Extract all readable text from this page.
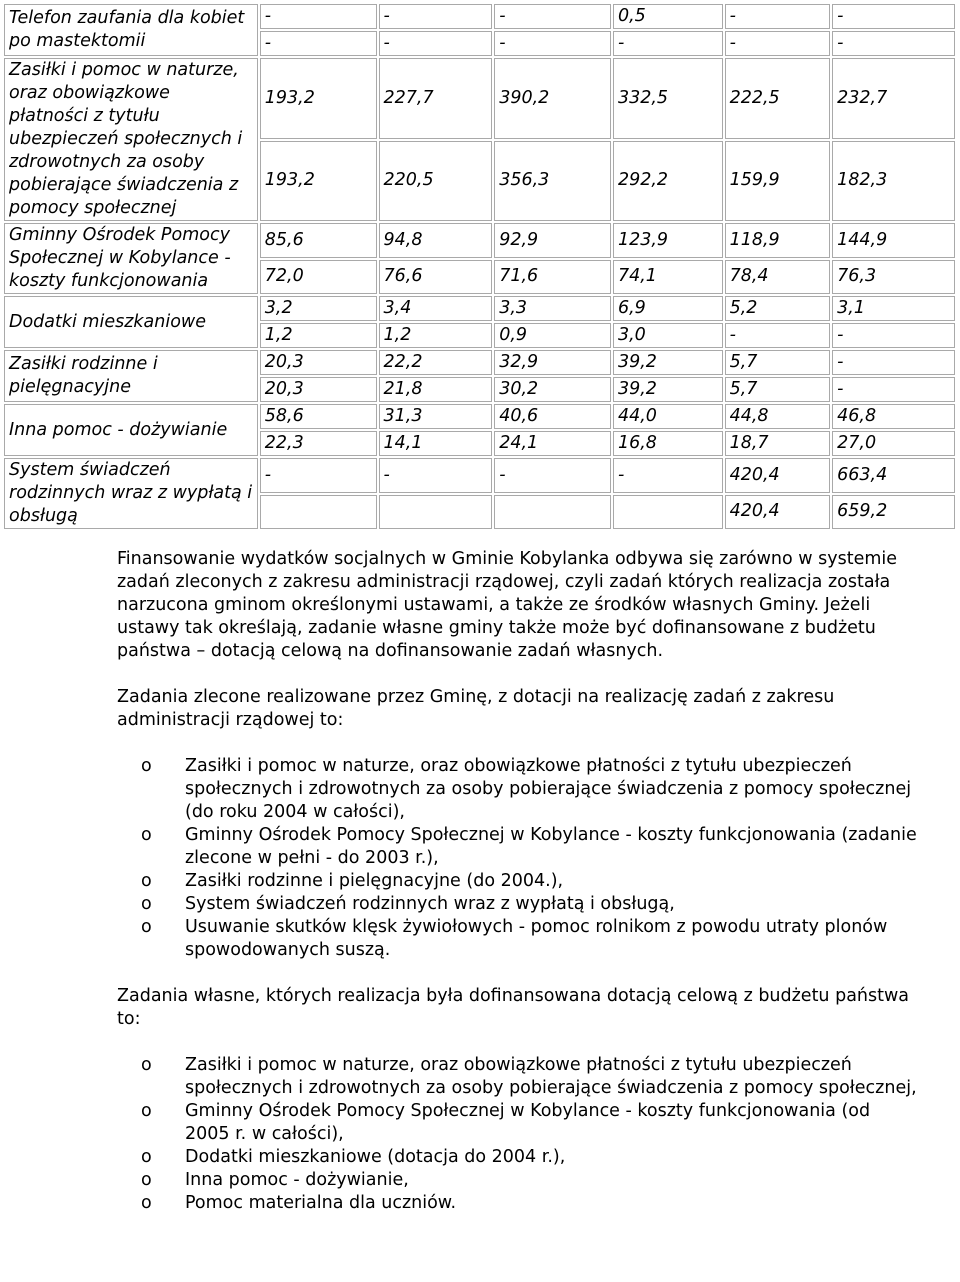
Telefon zaufania dla kobiet po mastektomii	-	-	-	0,5	-	-
	-	-	-	-	-	-
Zasiłki i pomoc w naturze, oraz obowiązkowe płatności z tytułu ubezpieczeń społecznych i zdrowotnych za osoby pobierające świadczenia z pomocy społecznej	193,2	227,7	390,2	332,5	222,5	232,7
	193,2	220,5	356,3	292,2	159,9	182,3
Gminny Ośrodek Pomocy Społecznej w Kobylance - koszty funkcjonowania	85,6	94,8	92,9	123,9	118,9	144,9
	72,0	76,6	71,6	74,1	78,4	76,3
Dodatki mieszkaniowe	3,2	3,4	3,3	6,9	5,2	3,1
	1,2	1,2	0,9	3,0	-	-
Zasiłki rodzinne i pielęgnacyjne	20,3	22,2	32,9	39,2	5,7	-
	20,3	21,8	30,2	39,2	5,7	-
Inna pomoc - dożywianie	58,6	31,3	40,6	44,0	44,8	46,8
	22,3	14,1	24,1	16,8	18,7	27,0
System świadczeń rodzinnych wraz z wypłatą i obsługą	-	-	-	-	420,4	663,4
					420,4	659,2

Finansowanie wydatków socjalnych w Gminie Kobylanka odbywa się zarówno w systemie zadań zleconych z zakresu administracji rządowej, czyli zadań których realizacja została narzucona gminom określonymi ustawami, a także ze środków własnych Gminy. Jeżeli ustawy tak określają, zadanie własne gminy także może być dofinansowane z budżetu państwa – dotacją celową na dofinansowanie zadań własnych.

Zadania zlecone realizowane przez Gminę, z dotacji na realizację zadań z zakresu administracji rządowej to:

o Zasiłki i pomoc w naturze, oraz obowiązkowe płatności z tytułu ubezpieczeń społecznych i zdrowotnych za osoby pobierające świadczenia z pomocy społecznej (do roku 2004 w całości),
o Gminny Ośrodek Pomocy Społecznej w Kobylance - koszty funkcjonowania (zadanie zlecone w pełni - do 2003 r.),
o Zasiłki rodzinne i pielęgnacyjne (do 2004.),
o System świadczeń rodzinnych wraz z wypłatą i obsługą,
o Usuwanie skutków klęsk żywiołowych - pomoc rolnikom z powodu utraty plonów spowodowanych suszą.

Zadania własne, których realizacja była dofinansowana dotacją celową z budżetu państwa to:

o Zasiłki i pomoc w naturze, oraz obowiązkowe płatności z tytułu ubezpieczeń społecznych i zdrowotnych za osoby pobierające świadczenia z pomocy społecznej,
o Gminny Ośrodek Pomocy Społecznej w Kobylance - koszty funkcjonowania (od 2005 r. w całości),
o Dodatki mieszkaniowe (dotacja do 2004 r.),
o Inna pomoc - dożywianie,
o Pomoc materialna dla uczniów.
